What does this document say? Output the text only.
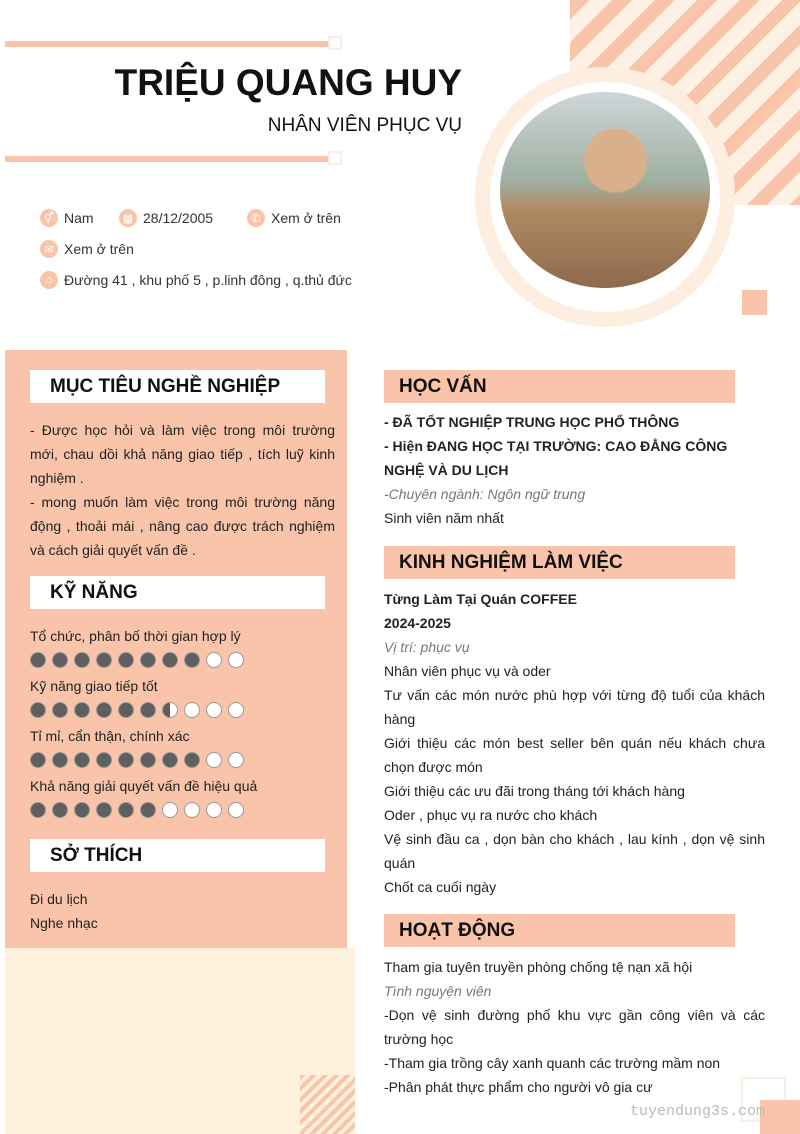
TRIỆU QUANG HUY
NHÂN VIÊN PHỤC VỤ
⚥ Nam	▦ 28/12/2005	✆ Xem ở trên
✉ Xem ở trên
⌂ Đường 41 , khu phố 5 , p.linh đông , q.thủ đức
MỤC TIÊU NGHỀ NGHIỆP

- Được học hỏi và làm việc trong môi trường mới, chau dồi khả năng giao tiếp , tích luỹ kinh nghiệm .

- mong muốn làm việc trong môi trường năng động , thoải mái , nâng cao được trách nghiệm và cách giải quyết vấn đề .

KỸ NĂNG
Tổ chức, phân bố thời gian hợp lý
Kỹ năng giao tiếp tốt
Tỉ mỉ, cẩn thận, chính xác
Khả năng giải quyết vấn đề hiệu quả
SỞ THÍCH
Đi du lịch
Nghe nhạc
HỌC VẤN
- ĐÃ TỐT NGHIỆP TRUNG HỌC PHỔ THÔNG
- Hiện ĐANG HỌC TẠI TRƯỜNG: CAO ĐẲNG CÔNG NGHỆ VÀ DU LỊCH
-Chuyên ngành: Ngôn ngữ trung
Sinh viên năm nhất
KINH NGHIỆM LÀM VIỆC
Từng Làm Tại Quán COFFEE
2024-2025
Vị trí: phục vụ
Nhân viên phục vụ và oder
Tư vấn các món nước phù hợp với từng độ tuổi của khách hàng
Giới thiệu các món best seller bên quán nếu khách chưa chọn được món
Giới thiệu các ưu đãi trong tháng tới khách hàng
Oder , phục vụ ra nước cho khách
Vệ sinh đầu ca , dọn bàn cho khách , lau kính , dọn vệ sinh quán
Chốt ca cuối ngày
HOẠT ĐỘNG
Tham gia tuyên truyền phòng chống tệ nạn xã hội
Tình nguyện viên
-Dọn vệ sinh đường phố khu vực gần công viên và các trường học
-Tham gia trồng cây xanh quanh các trường mầm non
-Phân phát thực phẩm cho người vô gia cư
tuyendung3s.com
